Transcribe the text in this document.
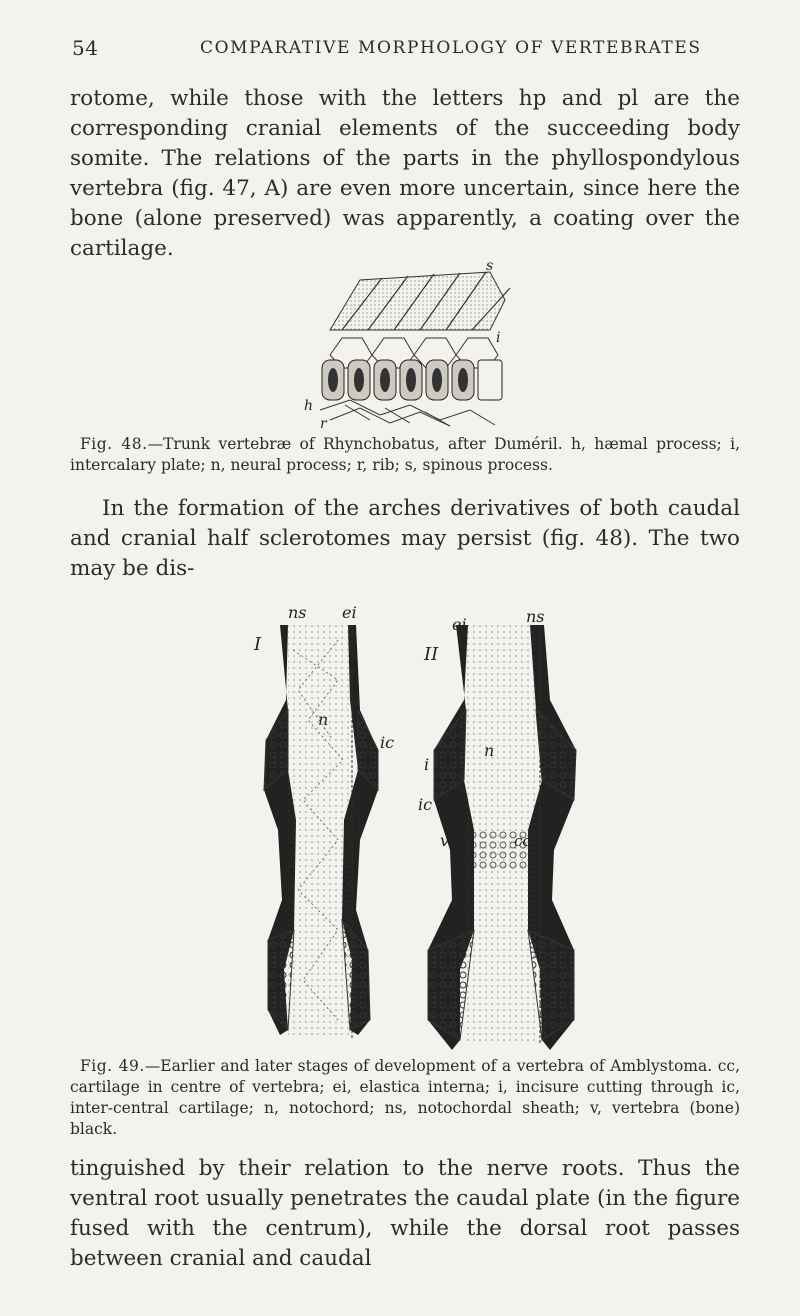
54	COMPARATIVE MORPHOLOGY OF VERTEBRATES

rotome, while those with the letters hp and pl are the corresponding cranial elements of the succeeding body somite. The relations of the parts in the phyllospondylous vertebra (fig. 47, A) are even more uncertain, since here the bone (alone preserved) was apparently, a coating over the cartilage.

s
i
h
r

Fig. 48.—Trunk vertebræ of Rhynchobatus, after Duméril. h, hæmal process; i, intercalary plate; n, neural process; r, rib; s, spinous process.

In the formation of the arches derivatives of both caudal and cranial half sclerotomes may persist (fig. 48). The two may be dis-

I
ns ei
n
ic
v
II
ei	ns
i
ic
n
v	cc

Fig. 49.—Earlier and later stages of development of a vertebra of Amblystoma. cc, cartilage in centre of vertebra; ei, elastica interna; i, incisure cutting through ic, inter-central cartilage; n, notochord; ns, notochordal sheath; v, vertebra (bone) black.

tinguished by their relation to the nerve roots. Thus the ventral root usually penetrates the caudal plate (in the figure fused with the centrum), while the dorsal root passes between cranial and caudal
